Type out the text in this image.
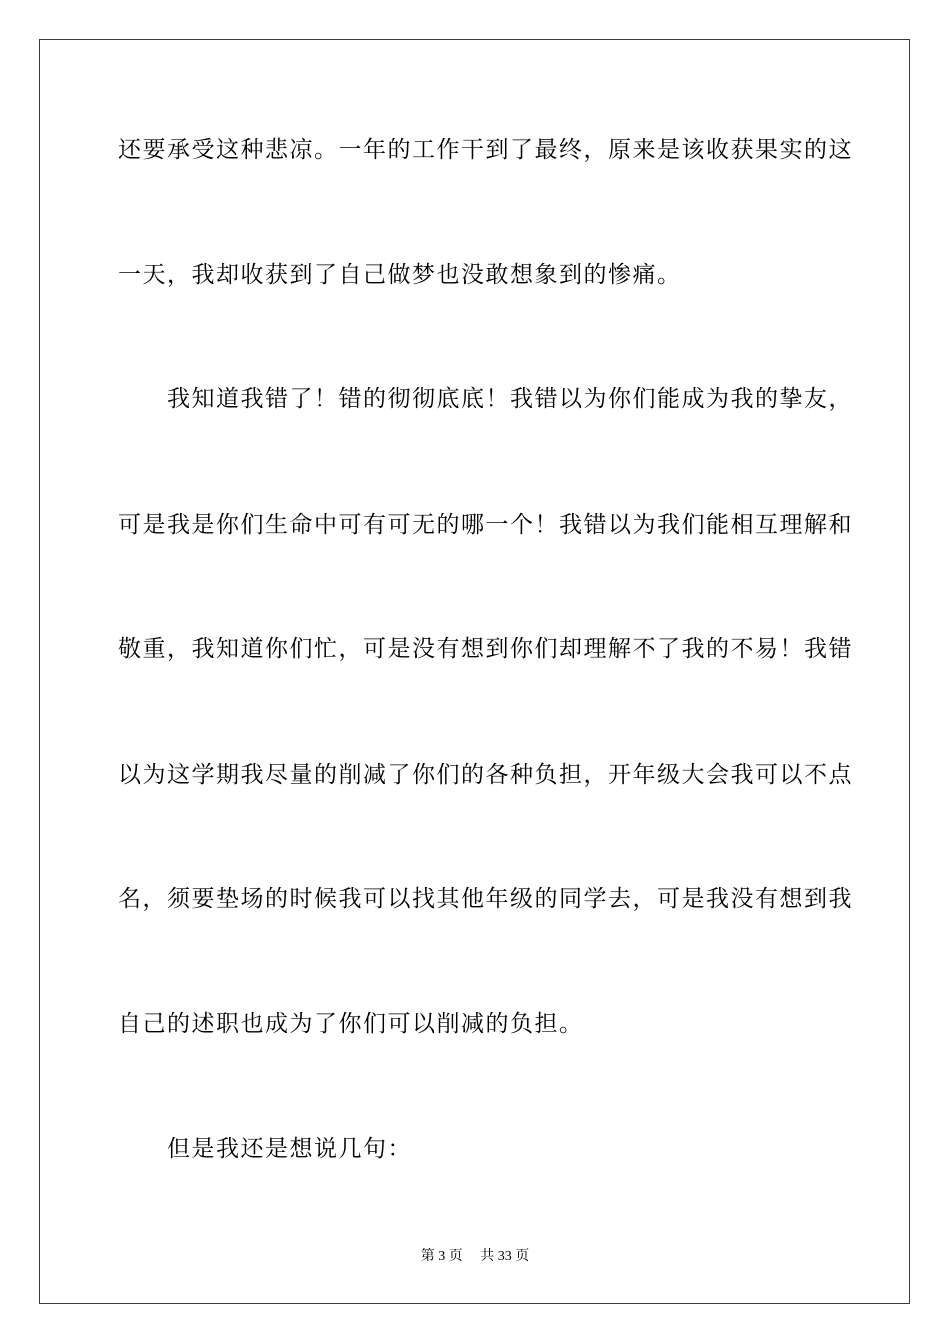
还要承受这种悲凉。一年的工作干到了最终，原来是该收获果实的这
一天，我却收获到了自己做梦也没敢想象到的惨痛。
　　我知道我错了！错的彻彻底底！我错以为你们能成为我的挚友，
可是我是你们生命中可有可无的哪一个！我错以为我们能相互理解和
敬重，我知道你们忙，可是没有想到你们却理解不了我的不易！我错
以为这学期我尽量的削减了你们的各种负担，开年级大会我可以不点
名，须要垫场的时候我可以找其他年级的同学去，可是我没有想到我
自己的述职也成为了你们可以削减的负担。
　　但是我还是想说几句：
第 3 页　 共 33 页
